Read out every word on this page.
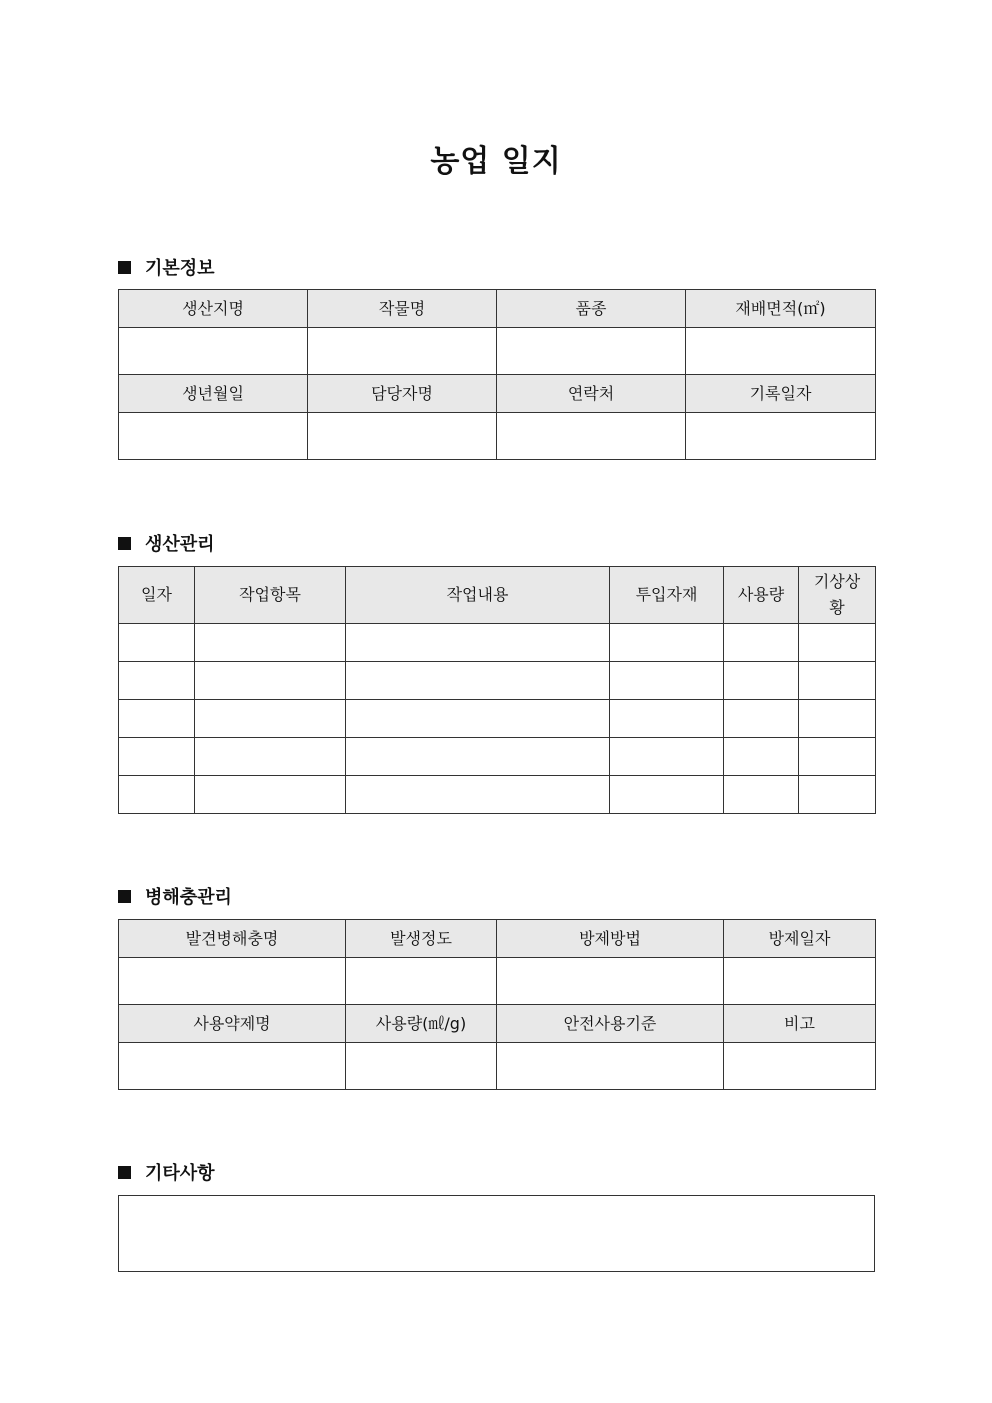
농업 일지
기본정보
생산지명	작물명	품종	재배면적(㎡)

생년월일	담당자명	연락처	기록일자

생산관리
일자	작업항목	작업내용	투입자재	사용량	기상상황

병해충관리
발견병해충명	발생정도	방제방법	방제일자

사용약제명	사용량(㎖/g)	안전사용기준	비고

기타사항
